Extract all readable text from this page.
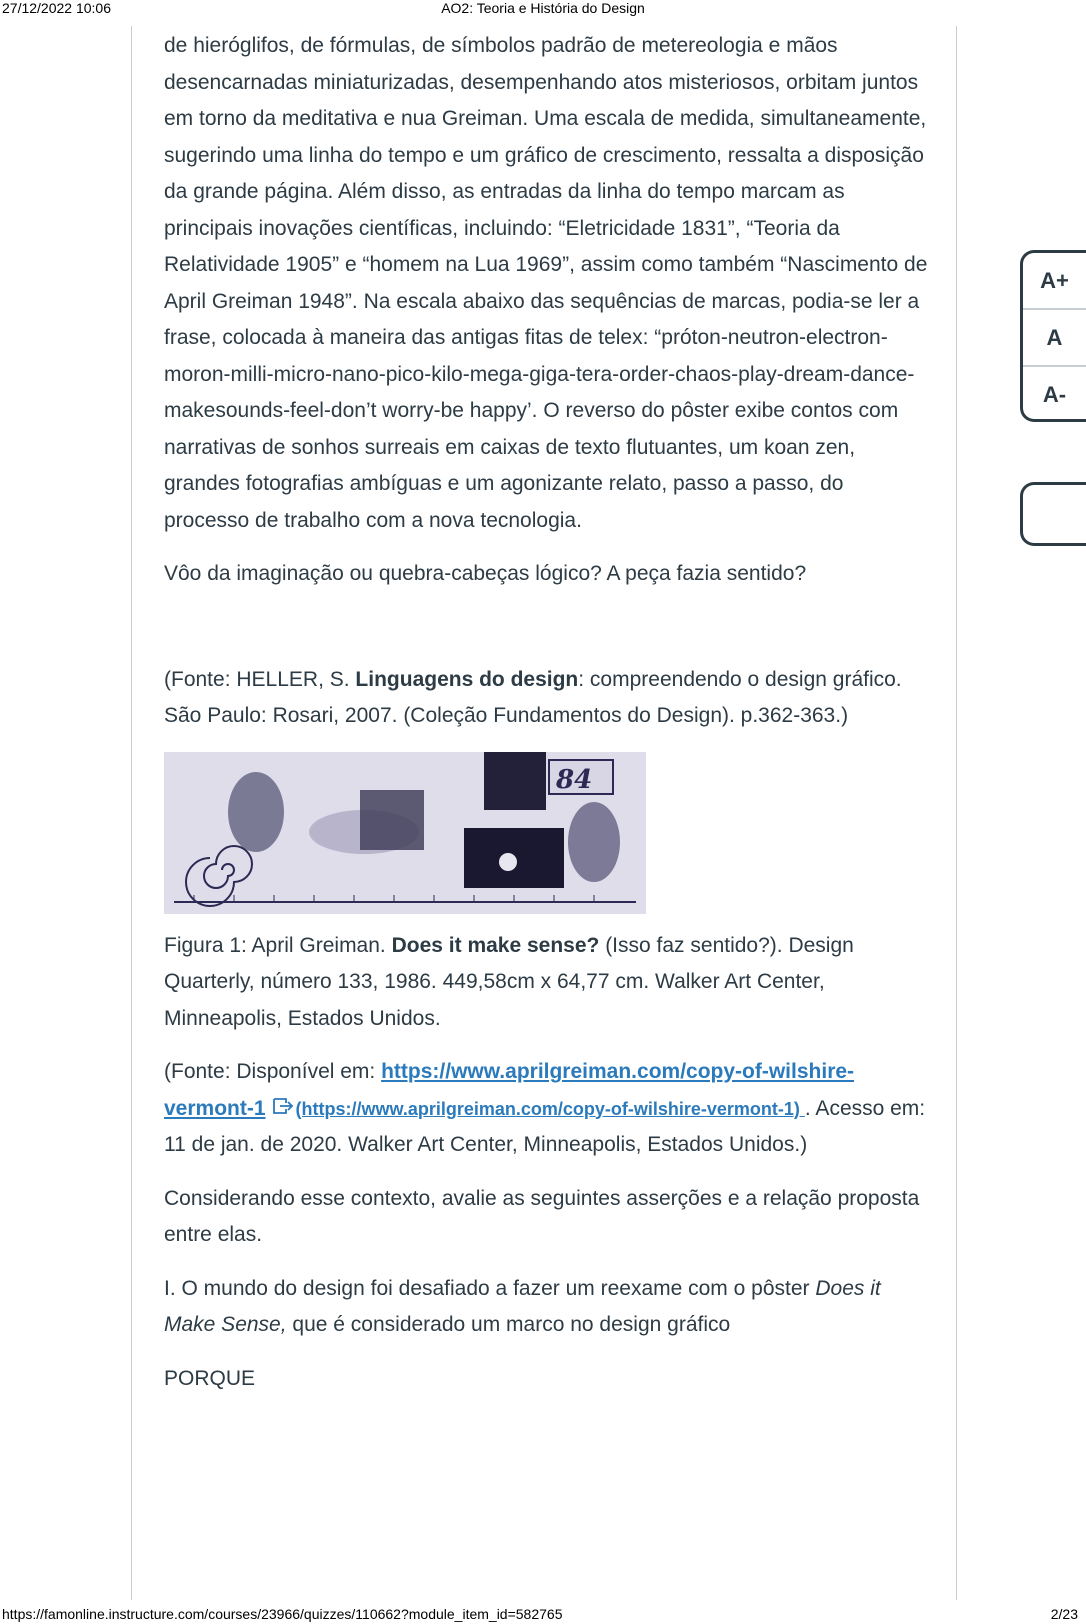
27/12/2022 10:06	AO2: Teoria e História do Design

de hieróglifos, de fórmulas, de símbolos padrão de metereologia e mãos desencarnadas miniaturizadas, desempenhando atos misteriosos, orbitam juntos em torno da meditativa e nua Greiman. Uma escala de medida, simultaneamente, sugerindo uma linha do tempo e um gráfico de crescimento, ressalta a disposição da grande página. Além disso, as entradas da linha do tempo marcam as principais inovações científicas, incluindo: “Eletricidade 1831”, “Teoria da Relatividade 1905” e “homem na Lua 1969”, assim como também “Nascimento de April Greiman 1948”. Na escala abaixo das sequências de marcas, podia-se ler a frase, colocada à maneira das antigas fitas de telex: “próton-neutron-electron-moron-milli-micro-nano-pico-kilo-mega-giga-tera-order-chaos-play-dream-dance-makesounds-feel-don’t worry-be happy’. O reverso do pôster exibe contos com narrativas de sonhos surreais em caixas de texto flutuantes, um koan zen, grandes fotografias ambíguas e um agonizante relato, passo a passo, do processo de trabalho com a nova tecnologia.

Vôo da imaginação ou quebra-cabeças lógico? A peça fazia sentido?

(Fonte: HELLER, S. Linguagens do design: compreendendo o design gráfico. São Paulo: Rosari, 2007. (Coleção Fundamentos do Design). p.362-363.)

84

Figura 1: April Greiman. Does it make sense? (Isso faz sentido?). Design Quarterly, número 133, 1986. 449,58cm x 64,77 cm. Walker Art Center, Minneapolis, Estados Unidos.

(Fonte: Disponível em: https://www.aprilgreiman.com/copy-of-wilshire-vermont-1 (https://www.aprilgreiman.com/copy-of-wilshire-vermont-1) . Acesso em: 11 de jan. de 2020. Walker Art Center, Minneapolis, Estados Unidos.)

Considerando esse contexto, avalie as seguintes asserções e a relação proposta entre elas.

I. O mundo do design foi desafiado a fazer um reexame com o pôster Does it Make Sense, que é considerado um marco no design gráfico

PORQUE

A+
A
A-
https://famonline.instructure.com/courses/23966/quizzes/110662?module_item_id=582765	2/23
